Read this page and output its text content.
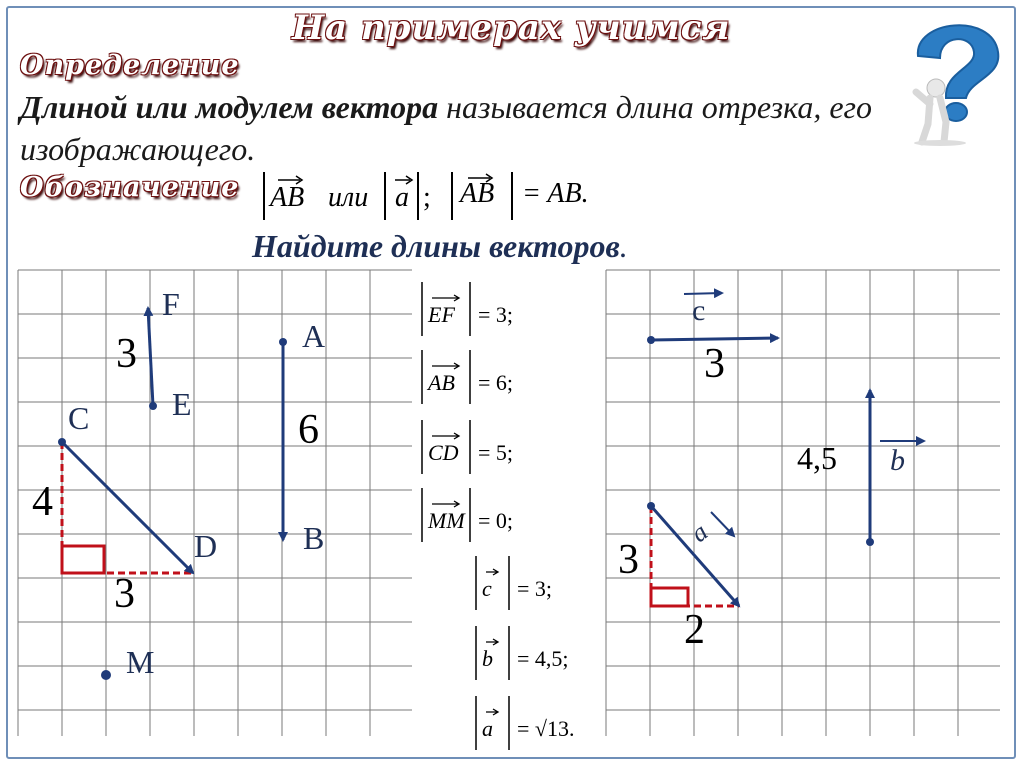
На примерах учимся
Определение
Длиной или модулем вектора называется длина отрезка, его изображающего.
Обозначение AB или a ; AB = AB.
Найдите длины векторов.
F
E
A
B
C
D
M
3
6
4
3
c
b
a
3
4,5
3
2
EF = 3;
AB = 6;
CD = 5;
MM = 0;
c = 3;
b = 4,5;
a = √13.
